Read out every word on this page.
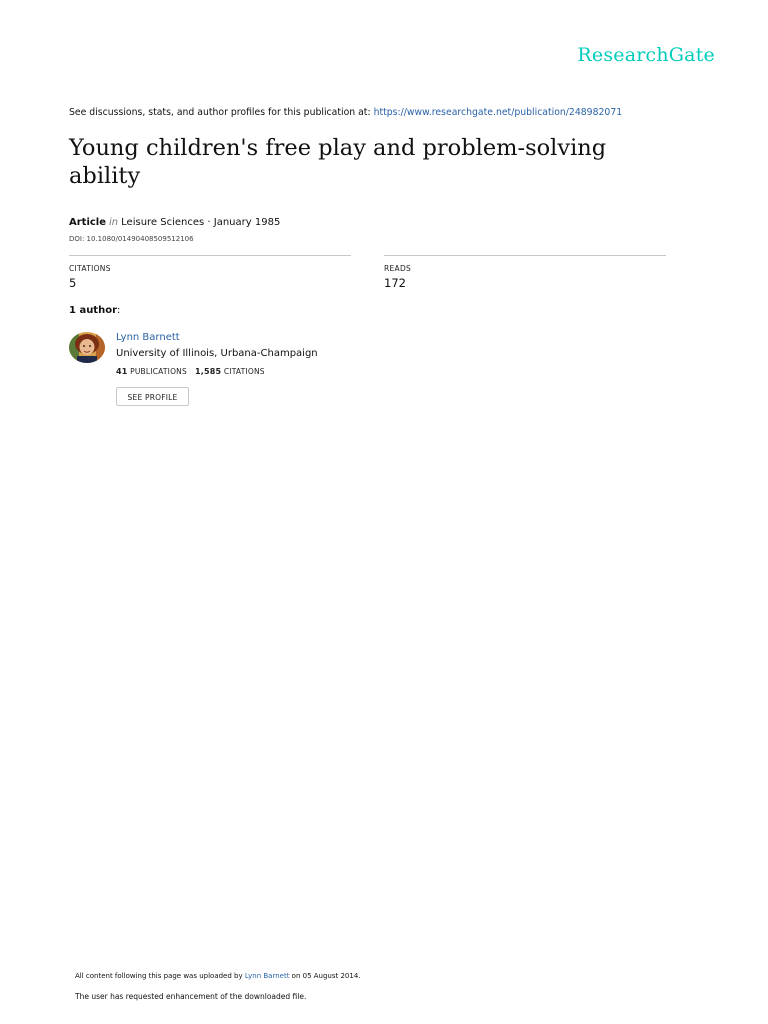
ResearchGate
See discussions, stats, and author profiles for this publication at: https://www.researchgate.net/publication/248982071
Young children's free play and problem-solving ability
Article in Leisure Sciences · January 1985
DOI: 10.1080/01490408509512106
CITATIONS
5
READS
172
1 author:
Lynn Barnett
University of Illinois, Urbana-Champaign
41 PUBLICATIONS 1,585 CITATIONS
SEE PROFILE
All content following this page was uploaded by Lynn Barnett on 05 August 2014.
The user has requested enhancement of the downloaded file.
